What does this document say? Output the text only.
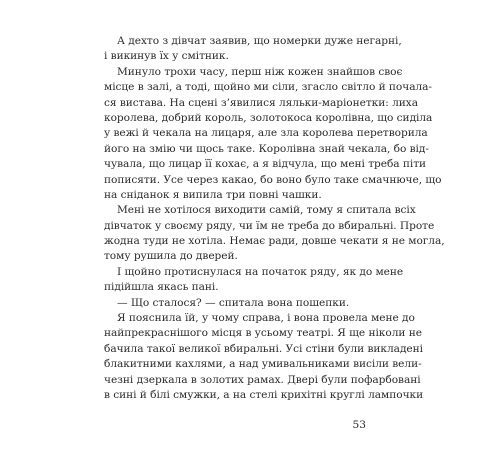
А дехто з дівчат заявив, що номерки дуже негарні,
і викинув їх у смітник.
Минуло трохи часу, перш ніж кожен знайшов своє
місце в залі, а тоді, щойно ми сіли, згасло світло й почала-
ся вистава. На сцені з’явилися ляльки-маріонетки: лиха
королева, добрий король, золотокоса королівна, що сиділа
у вежі й чекала на лицаря, але зла королева перетворила
його на змію чи щось таке. Королівна знай чекала, бо від-
чувала, що лицар її кохає, а я відчула, що мені треба піти
пописяти. Усе через какао, бо воно було таке смачнюче, що
на сніданок я випила три повні чашки.
Мені не хотілося виходити самій, тому я спитала всіх
дівчаток у своєму ряду, чи їм не треба до вбиральні. Проте
жодна туди не хотіла. Немає ради, довше чекати я не могла,
тому рушила до дверей.
І щойно протиснулася на початок ряду, як до мене
підійшла якась пані.
— Що сталося? — спитала вона пошепки.
Я пояснила їй, у чому справа, і вона провела мене до
найпрекраснішого місця в усьому театрі. Я ще ніколи не
бачила такої великої вбиральні. Усі стіни були викладені
блакитними кахлями, а над умивальниками висіли вели-
чезні дзеркала в золотих рамах. Двері були пофарбовані
в сині й білі смужки, а на стелі крихітні круглі лампочки
53
